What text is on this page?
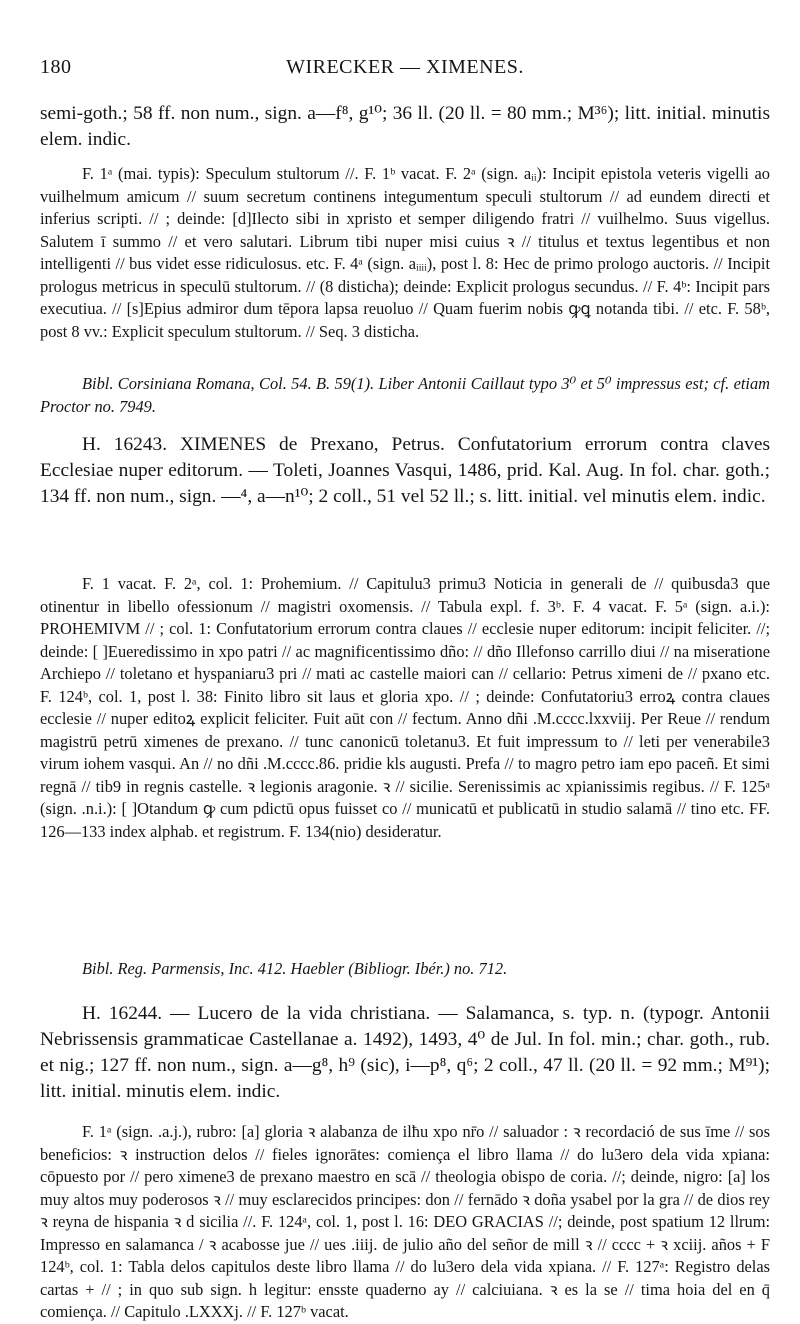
180	WIRECKER — XIMENES.

semi-goth.; 58 ff. non num., sign. a—f⁸, g¹⁰; 36 ll. (20 ll. = 80 mm.; M³⁶); litt. initial. minutis elem. indic.

F. 1ᵃ (mai. typis): Speculum stultorum //. F. 1ᵇ vacat. F. 2ᵃ (sign. aᵢᵢ): Incipit epistola veteris vigelli ao vuilhelmum amicum // suum secretum continens integumentum speculi stultorum // ad eundem directi et inferius scripti. // ; deinde: [d]Ilecto sibi in xpristo et semper diligendo fratri // vuilhelmo. Suus vigellus. Salutem ī summo // et vero salutari. Librum tibi nuper misi cuius ꝛ // titulus et textus legentibus et non intelligenti // bus videt esse ridiculosus. etc. F. 4ᵃ (sign. aᵢᵢᵢᵢ), post l. 8: Hec de primo prologo auctoris. // Incipit prologus metricus in speculū stultorum. // (8 disticha); deinde: Explicit prologus secundus. // F. 4ᵇ: Incipit pars executiua. // [s]Epius admiror dum tēpora lapsa reuoluo // Quam fuerim nobis ꝙꝗ notanda tibi. // etc. F. 58ᵇ, post 8 vv.: Explicit speculum stultorum. // Seq. 3 disticha.

Bibl. Corsiniana Romana, Col. 54. B. 59(1). Liber Antonii Caillaut typo 3⁰ et 5⁰ impressus est; cf. etiam Proctor no. 7949.

H. 16243. XIMENES de Prexano, Petrus. Confutatorium errorum contra claves Ecclesiae nuper editorum. — Toleti, Joannes Vasqui, 1486, prid. Kal. Aug. In fol. char. goth.; 134 ff. non num., sign. —⁴, a—n¹⁰; 2 coll., 51 vel 52 ll.; s. litt. initial. vel minutis elem. indic.

F. 1 vacat. F. 2ᵃ, col. 1: Prohemium. // Capitulu3 primu3 Noticia in generali de // quibusda3 que otinentur in libello ofessionum // magistri oxomensis. // Tabula expl. f. 3ᵇ. F. 4 vacat. F. 5ᵃ (sign. a.i.): PROHEMIVM // ; col. 1: Confutatorium errorum contra claues // ecclesie nuper editorum: incipit feliciter. //; deinde: [ ]Eueredissimo in xpo patri // ac magnificentissimo dño: // dño Illefonso carrillo diui // na miseratione Archiepo // toletano et hyspaniaru3 pri // mati ac castelle maiori can // cellario: Petrus ximeni de // pxano etc. F. 124ᵇ, col. 1, post l. 38: Finito libro sit laus et gloria xpo. // ; deinde: Confutatoriu3 erroꝝ contra claues ecclesie // nuper editoꝝ explicit feliciter. Fuit aūt con // fectum. Anno dñi .M.cccc.lxxviij. Per Reue // rendum magistrū petrū ximenes de prexano. // tunc canonicū toletanu3. Et fuit impressum to // leti per venerabile3 virum iohem vasqui. An // no dñi .M.cccc.86. pridie kls augusti. Prefa // to magro petro iam epo paceñ. Et simi regnā // tib9 in regnis castelle. ꝛ legionis aragonie. ꝛ // sicilie. Serenissimis ac xpianissimis regibus. // F. 125ᵃ (sign. .n.i.): [ ]Otandum ꝙ cum pdictū opus fuisset co // municatū et publicatū in studio salamā // tino etc. FF. 126—133 index alphab. et registrum. F. 134(nio) desideratur.

Bibl. Reg. Parmensis, Inc. 412. Haebler (Bibliogr. Ibér.) no. 712.

H. 16244. — Lucero de la vida christiana. — Salamanca, s. typ. n. (typogr. Antonii Nebrissensis grammaticae Castellanae a. 1492), 1493, 4⁰ de Jul. In fol. min.; char. goth., rub. et nig.; 127 ff. non num., sign. a—g⁸, h⁹ (sic), i—p⁸, q⁶; 2 coll., 47 ll. (20 ll. = 92 mm.; M⁹¹); litt. initial. minutis elem. indic.

F. 1ᵃ (sign. .a.j.), rubro: [a] gloria ꝛ alabanza de ilħu xpo nr̄o // saluador : ꝛ recordació de sus īme // sos beneficios: ꝛ instruction delos // fieles ignorātes: comiença el libro llama // do lu3ero dela vida xpiana: cōpuesto por // pero ximene3 de prexano maestro en scā // theologia obispo de coria. //; deinde, nigro: [a] los muy altos muy poderosos ꝛ // muy esclarecidos principes: don // fernādo ꝛ doña ysabel por la gra // de dios rey ꝛ reyna de hispania ꝛ d sicilia //. F. 124ᵃ, col. 1, post l. 16: DEO GRACIAS //; deinde, post spatium 12 llrum: Impresso en salamanca / ꝛ acabosse jue // ues .iiij. de julio año del señor de mill ꝛ // cccc + ꝛ xciij. años + F 124ᵇ, col. 1: Tabla delos capitulos deste libro llama // do lu3ero dela vida xpiana. // F. 127ᵃ: Registro delas cartas + // ; in quo sub sign. h legitur: ensste quaderno ay // calciuiana. ꝛ es la se // tima hoia del en q̄ comiença. // Capitulo .LXXXj. // F. 127ᵇ vacat.
